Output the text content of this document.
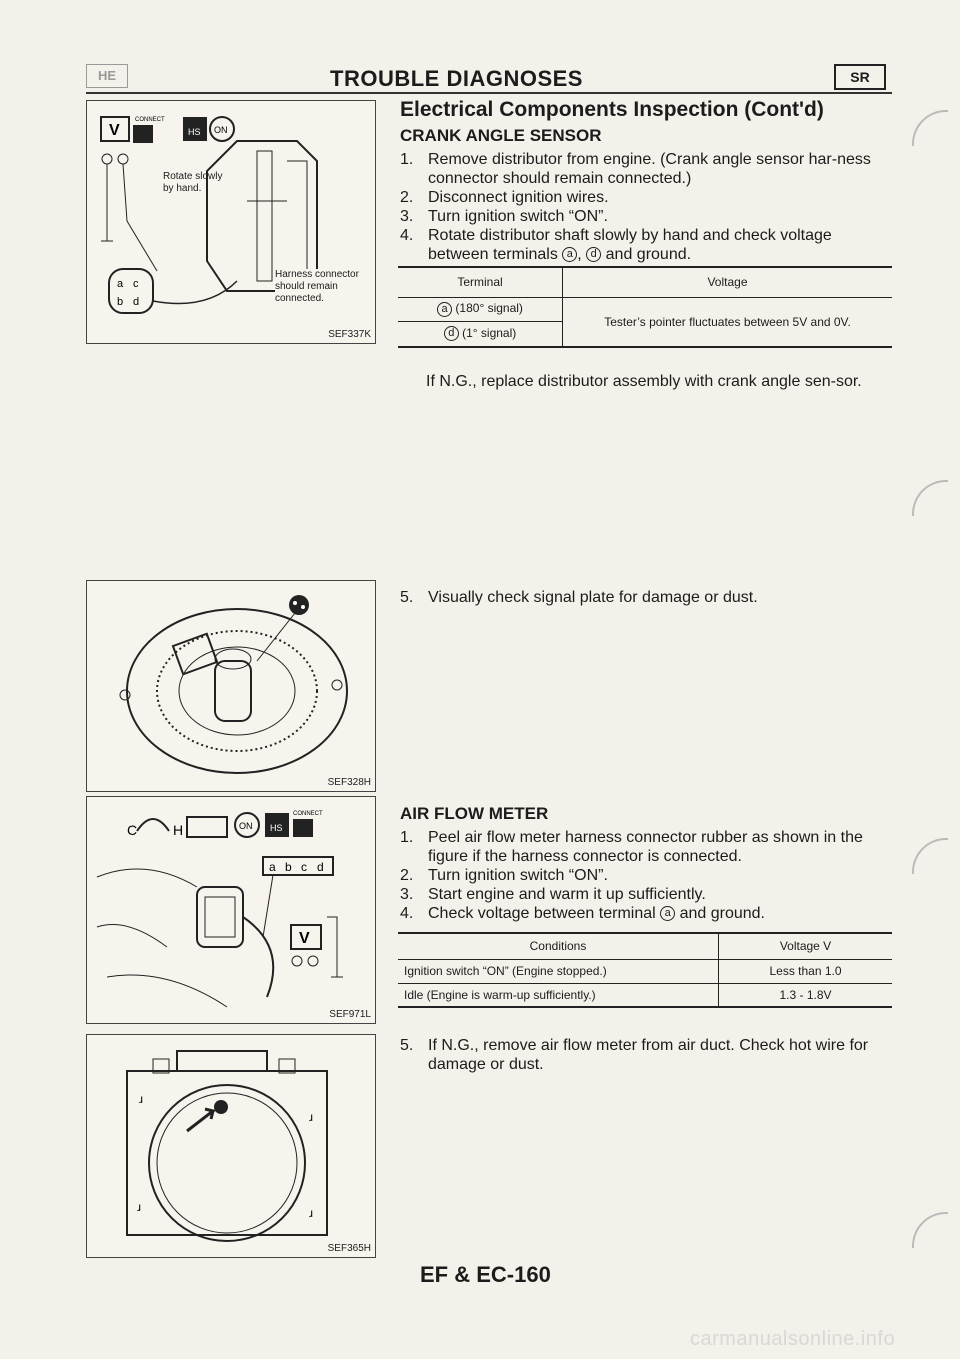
HE	TROUBLE DIAGNOSES	SR
Electrical Components Inspection (Cont'd)
V
CONNECT
HS ON
a c
b d
Rotate slowly by hand.
Harness connector should remain connected.
SEF337K
CRANK ANGLE SENSOR
1. Remove distributor from engine. (Crank angle sensor har-ness connector should remain connected.)
2. Disconnect ignition wires.
3. Turn ignition switch “ON”.
4. Rotate distributor shaft slowly by hand and check voltage between terminals a , d and ground.
Terminal	Voltage
a (180° signal)	Tester’s pointer fluctuates between 5V and 0V.
d (1° signal)	
If N.G., replace distributor assembly with crank angle sen-sor.
SEF328H
5. Visually check signal plate for damage or dust.
C	H	ON HS
CONNECT
a b c d
V
SEF971L
AIR FLOW METER
1. Peel air flow meter harness connector rubber as shown in the figure if the harness connector is connected.
2. Turn ignition switch “ON”.
3. Start engine and warm it up sufficiently.
4. Check voltage between terminal a and ground.
Conditions	Voltage V
Ignition switch “ON” (Engine stopped.)	Less than 1.0
Idle (Engine is warm-up sufficiently.)	1.3 - 1.8V
5. If N.G., remove air flow meter from air duct. Check hot wire for damage or dust.
ɹ
ɹ
ɹ	ɹ
SEF365H
EF & EC-160
carmanualsonline.info
